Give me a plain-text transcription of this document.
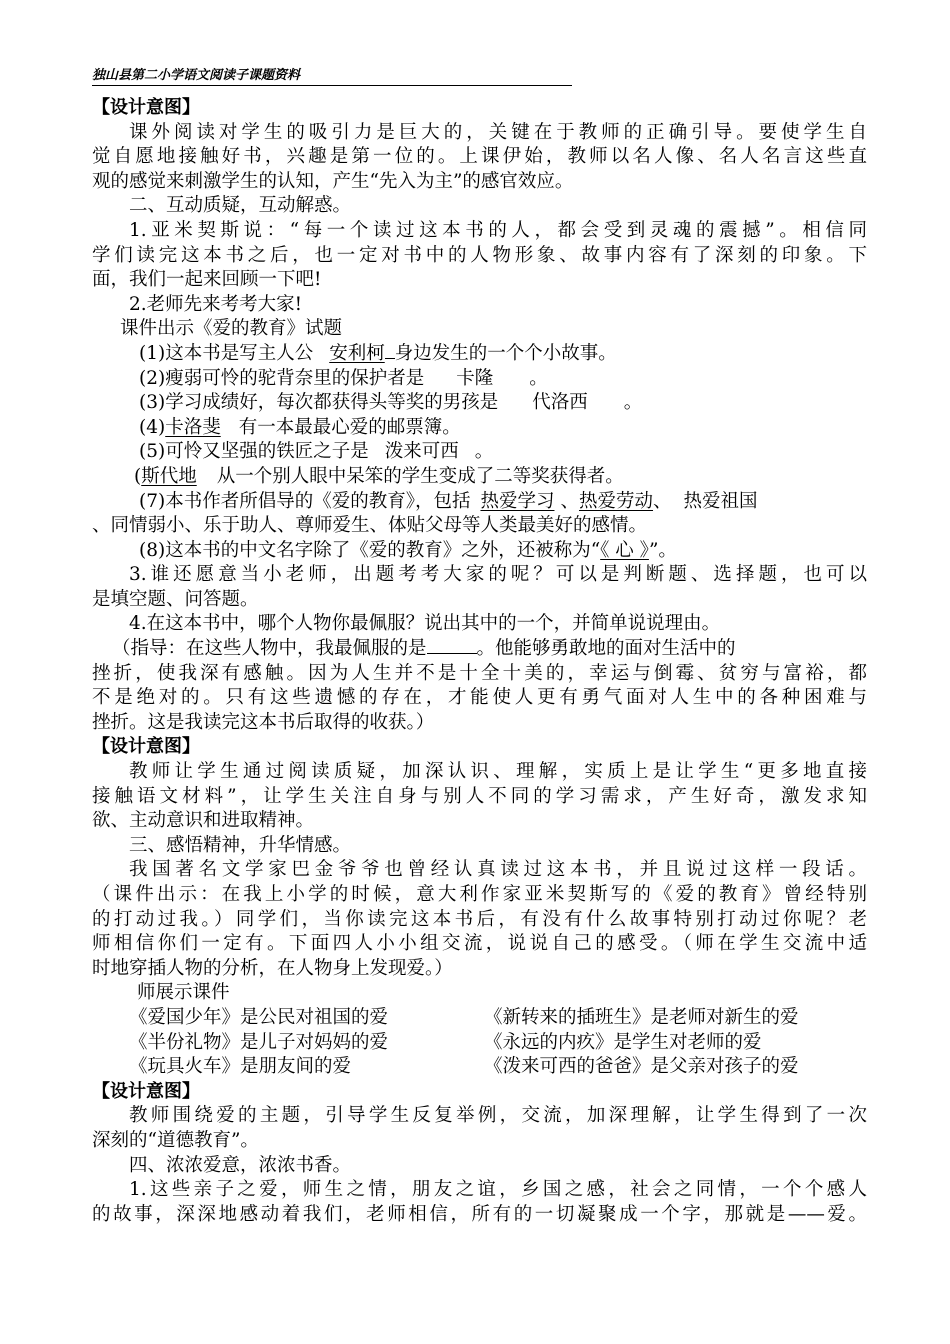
独山县第二小学语文阅读子课题资料
【设计意图】
课外阅读对学生的吸引力是巨大的，关键在于教师的正确引导。要使学生自
觉自愿地接触好书，兴趣是第一位的。上课伊始，教师以名人像、名人名言这些直
观的感觉来刺激学生的认知，产生“先入为主”的感官效应。
二、互动质疑，互动解惑。
1.亚米契斯说：“每一个读过这本书的人，都会受到灵魂的震撼”。相信同
学们读完这本书之后，也一定对书中的人物形象、故事内容有了深刻的印象。下
面，我们一起来回顾一下吧!
2.老师先来考考大家!
课件出示《爱的教育》试题
(1)这本书是写主人公 安利柯 身边发生的一个个小故事。
(2)瘦弱可怜的驼背奈里的保护者是 卡隆 。
(3)学习成绩好，每次都获得头等奖的男孩是 代洛西 。
(4)卡洛斐 有一本最最心爱的邮票簿。
(5)可怜又坚强的铁匠之子是 泼来可西 。
(斯代地 从一个别人眼中呆笨的学生变成了二等奖获得者。
(7)本书作者所倡导的《爱的教育》，包括 热爱学习 、热爱劳动、 热爱祖国
、同情弱小、乐于助人、尊师爱生、体贴父母等人类最美好的感情。
(8)这本书的中文名字除了《爱的教育》之外，还被称为“《 心 》”。
3.谁还愿意当小老师，出题考考大家的呢？可以是判断题、选择题，也可以
是填空题、问答题。
4.在这本书中，哪个人物你最佩服？说出其中的一个，并简单说说理由。
（指导：在这些人物中，我最佩服的是	。他能够勇敢地的面对生活中的
挫折，使我深有感触。因为人生并不是十全十美的，幸运与倒霉、贫穷与富裕，都
不是绝对的。只有这些遗憾的存在，才能使人更有勇气面对人生中的各种困难与
挫折。这是我读完这本书后取得的收获。）
【设计意图】
教师让学生通过阅读质疑，加深认识、理解，实质上是让学生“更多地直接
接触语文材料”，让学生关注自身与别人不同的学习需求，产生好奇，激发求知
欲、主动意识和进取精神。
三、感悟精神，升华情感。
我国著名文学家巴金爷爷也曾经认真读过这本书，并且说过这样一段话。
（课件出示：在我上小学的时候，意大利作家亚米契斯写的《爱的教育》曾经特别
的打动过我。）同学们，当你读完这本书后，有没有什么故事特别打动过你呢？老
师相信你们一定有。下面四人小小组交流，说说自己的感受。（师在学生交流中适
时地穿插人物的分析，在人物身上发现爱。）
师展示课件
《爱国少年》是公民对祖国的爱	《新转来的插班生》是老师对新生的爱
《半份礼物》是儿子对妈妈的爱	《永远的内疚》是学生对老师的爱
《玩具火车》是朋友间的爱	《泼来可西的爸爸》是父亲对孩子的爱
【设计意图】
教师围绕爱的主题，引导学生反复举例，交流，加深理解，让学生得到了一次
深刻的“道德教育”。
四、浓浓爱意，浓浓书香。
1.这些亲子之爱，师生之情，朋友之谊，乡国之感，社会之同情，一个个感人
的故事，深深地感动着我们，老师相信，所有的一切凝聚成一个字，那就是——爱。
